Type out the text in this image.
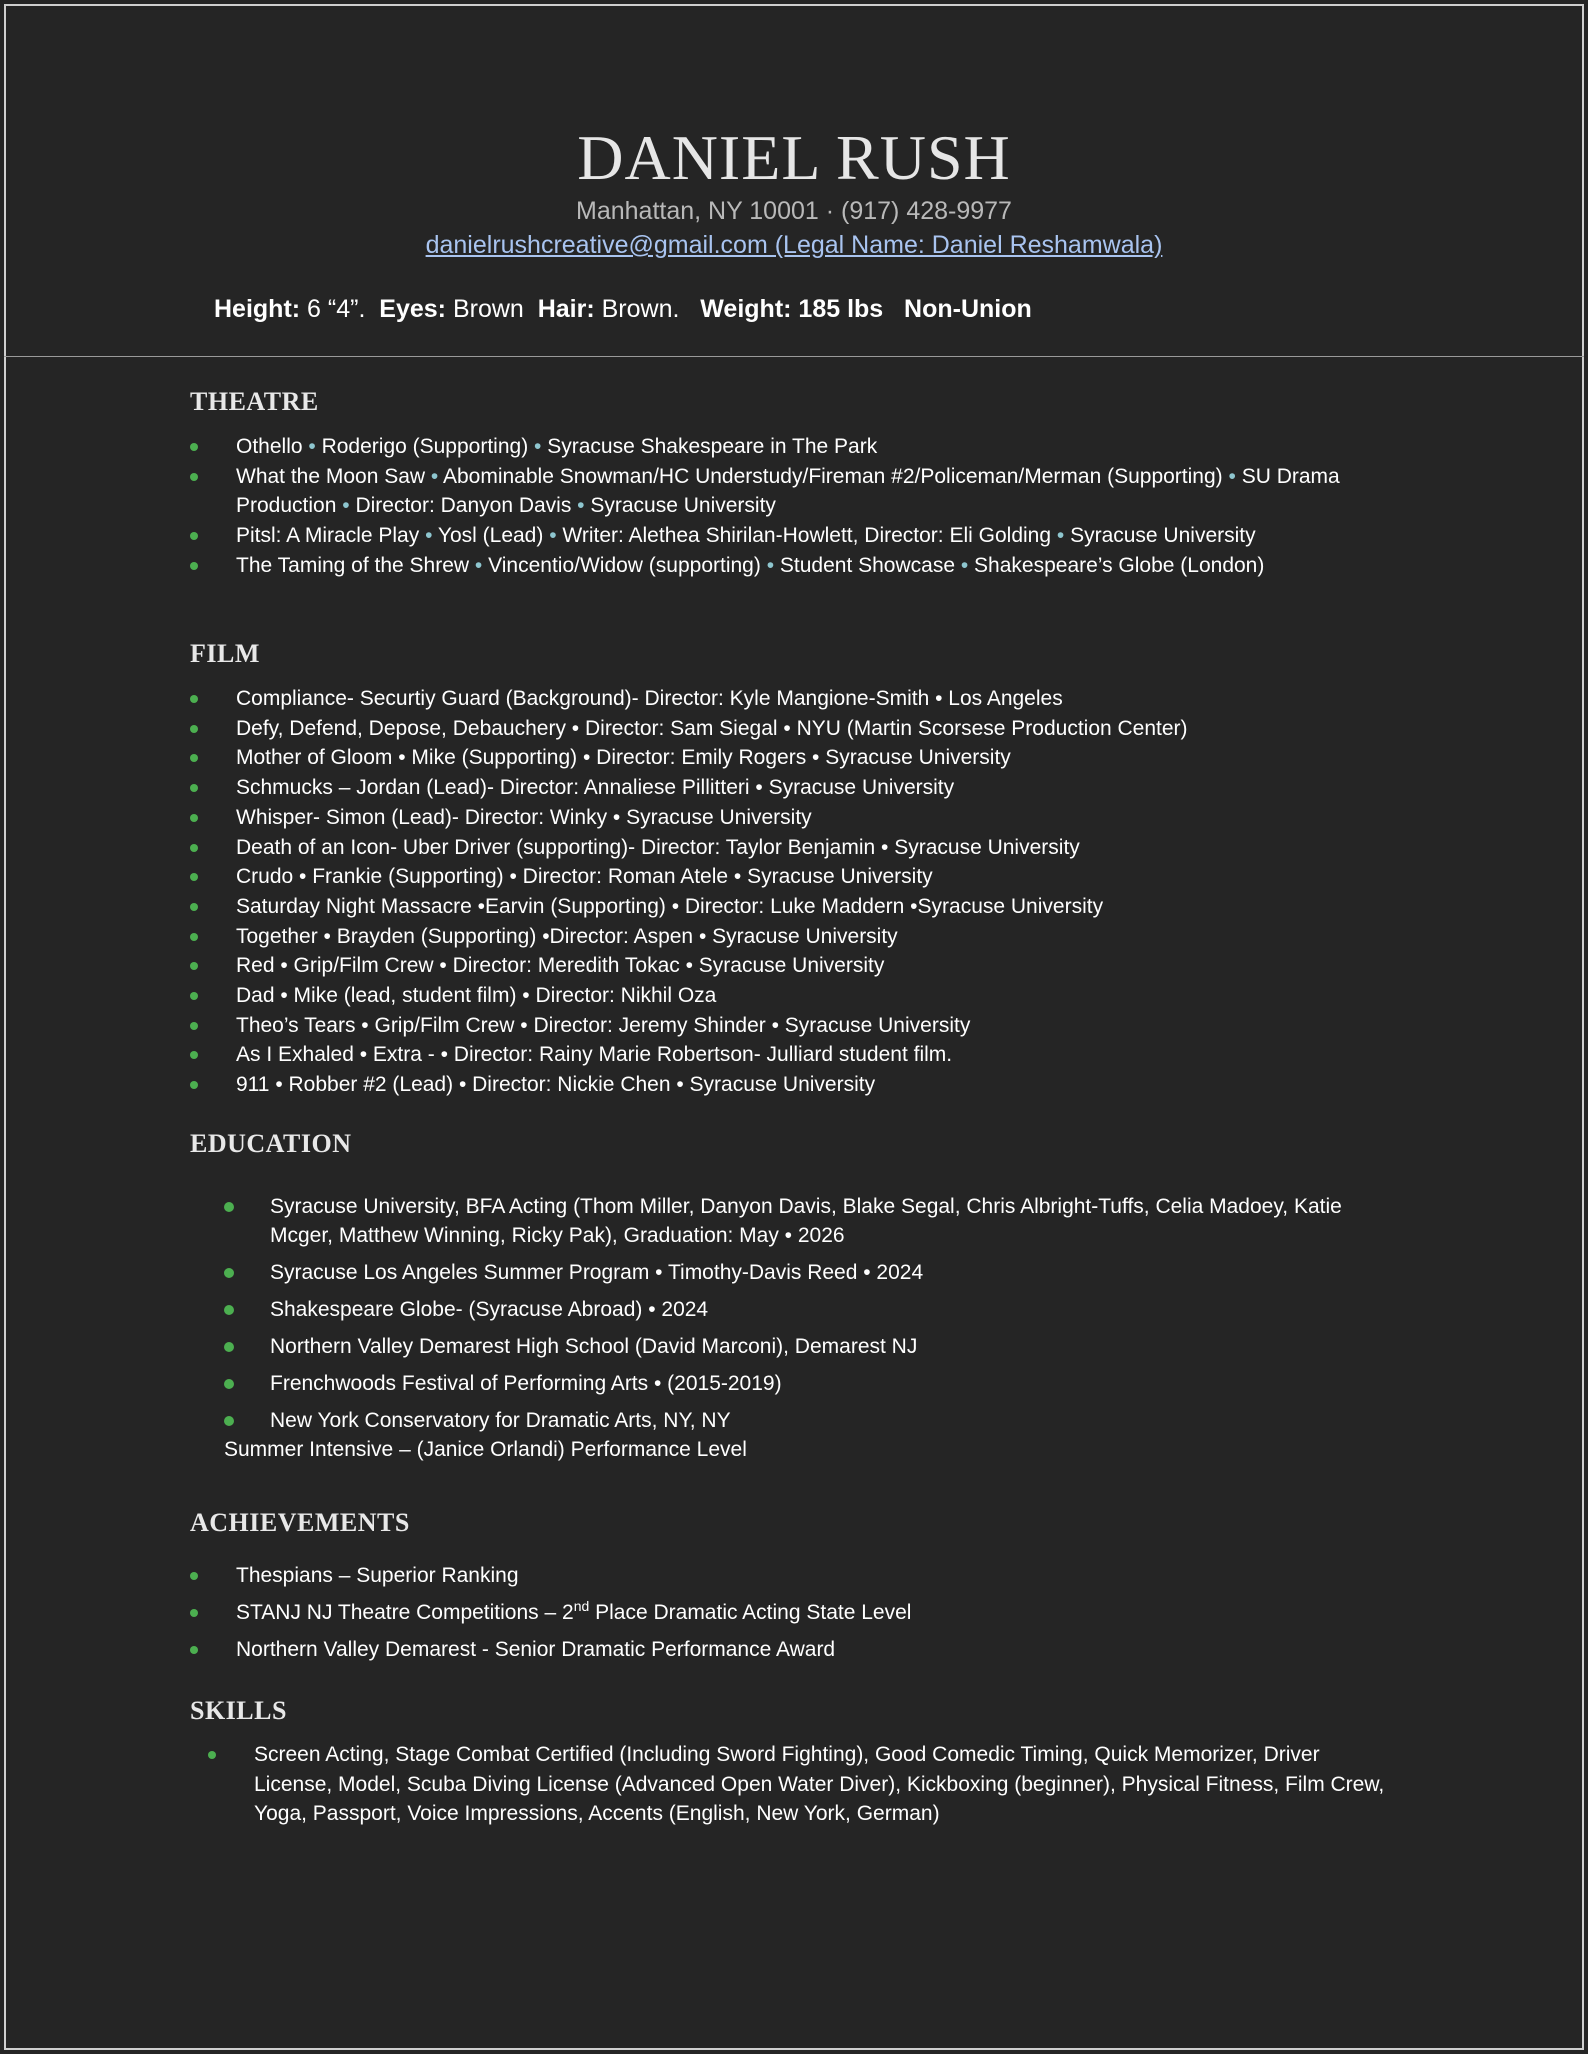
DANIEL RUSH
Manhattan, NY 10001 · (917) 428-9977
danielrushcreative@gmail.com (Legal Name: Daniel Reshamwala)
Height: 6 “4”.  Eyes: Brown  Hair: Brown.   Weight: 185 lbs   Non-Union
THEATRE
Othello • Roderigo (Supporting) • Syracuse Shakespeare in The Park
What the Moon Saw • Abominable Snowman/HC Understudy/Fireman #2/Policeman/Merman (Supporting) • SU Drama Production • Director: Danyon Davis • Syracuse University
Pitsl: A Miracle Play • Yosl (Lead) • Writer: Alethea Shirilan-Howlett, Director: Eli Golding • Syracuse University
The Taming of the Shrew • Vincentio/Widow (supporting) • Student Showcase • Shakespeare’s Globe (London)
FILM
Compliance- Securtiy Guard (Background)- Director: Kyle Mangione-Smith • Los Angeles
Defy, Defend, Depose, Debauchery • Director: Sam Siegal • NYU (Martin Scorsese Production Center)
Mother of Gloom • Mike (Supporting) • Director: Emily Rogers • Syracuse University
Schmucks – Jordan (Lead)- Director: Annaliese Pillitteri • Syracuse University
Whisper- Simon (Lead)- Director: Winky • Syracuse University
Death of an Icon- Uber Driver (supporting)- Director: Taylor Benjamin • Syracuse University
Crudo • Frankie (Supporting) • Director: Roman Atele • Syracuse University
Saturday Night Massacre •Earvin (Supporting) • Director: Luke Maddern •Syracuse University
Together • Brayden (Supporting) •Director: Aspen • Syracuse University
Red • Grip/Film Crew • Director: Meredith Tokac • Syracuse University
Dad • Mike (lead, student film) • Director: Nikhil Oza
Theo’s Tears • Grip/Film Crew • Director: Jeremy Shinder • Syracuse University
As I Exhaled • Extra - • Director: Rainy Marie Robertson- Julliard student film.
911 • Robber #2 (Lead) • Director: Nickie Chen • Syracuse University
EDUCATION
Syracuse University, BFA Acting (Thom Miller, Danyon Davis, Blake Segal, Chris Albright-Tuffs, Celia Madoey, Katie Mcger, Matthew Winning, Ricky Pak), Graduation: May • 2026
Syracuse Los Angeles Summer Program • Timothy-Davis Reed • 2024
Shakespeare Globe- (Syracuse Abroad) • 2024
Northern Valley Demarest High School (David Marconi), Demarest NJ
Frenchwoods Festival of Performing Arts • (2015-2019)
New York Conservatory for Dramatic Arts, NY, NY
Summer Intensive – (Janice Orlandi) Performance Level
ACHIEVEMENTS
Thespians – Superior Ranking
STANJ NJ Theatre Competitions – 2nd Place Dramatic Acting State Level
Northern Valley Demarest - Senior Dramatic Performance Award
SKILLS
Screen Acting, Stage Combat Certified (Including Sword Fighting), Good Comedic Timing, Quick Memorizer, Driver License, Model, Scuba Diving License (Advanced Open Water Diver), Kickboxing (beginner), Physical Fitness, Film Crew, Yoga, Passport, Voice Impressions, Accents (English, New York, German)
